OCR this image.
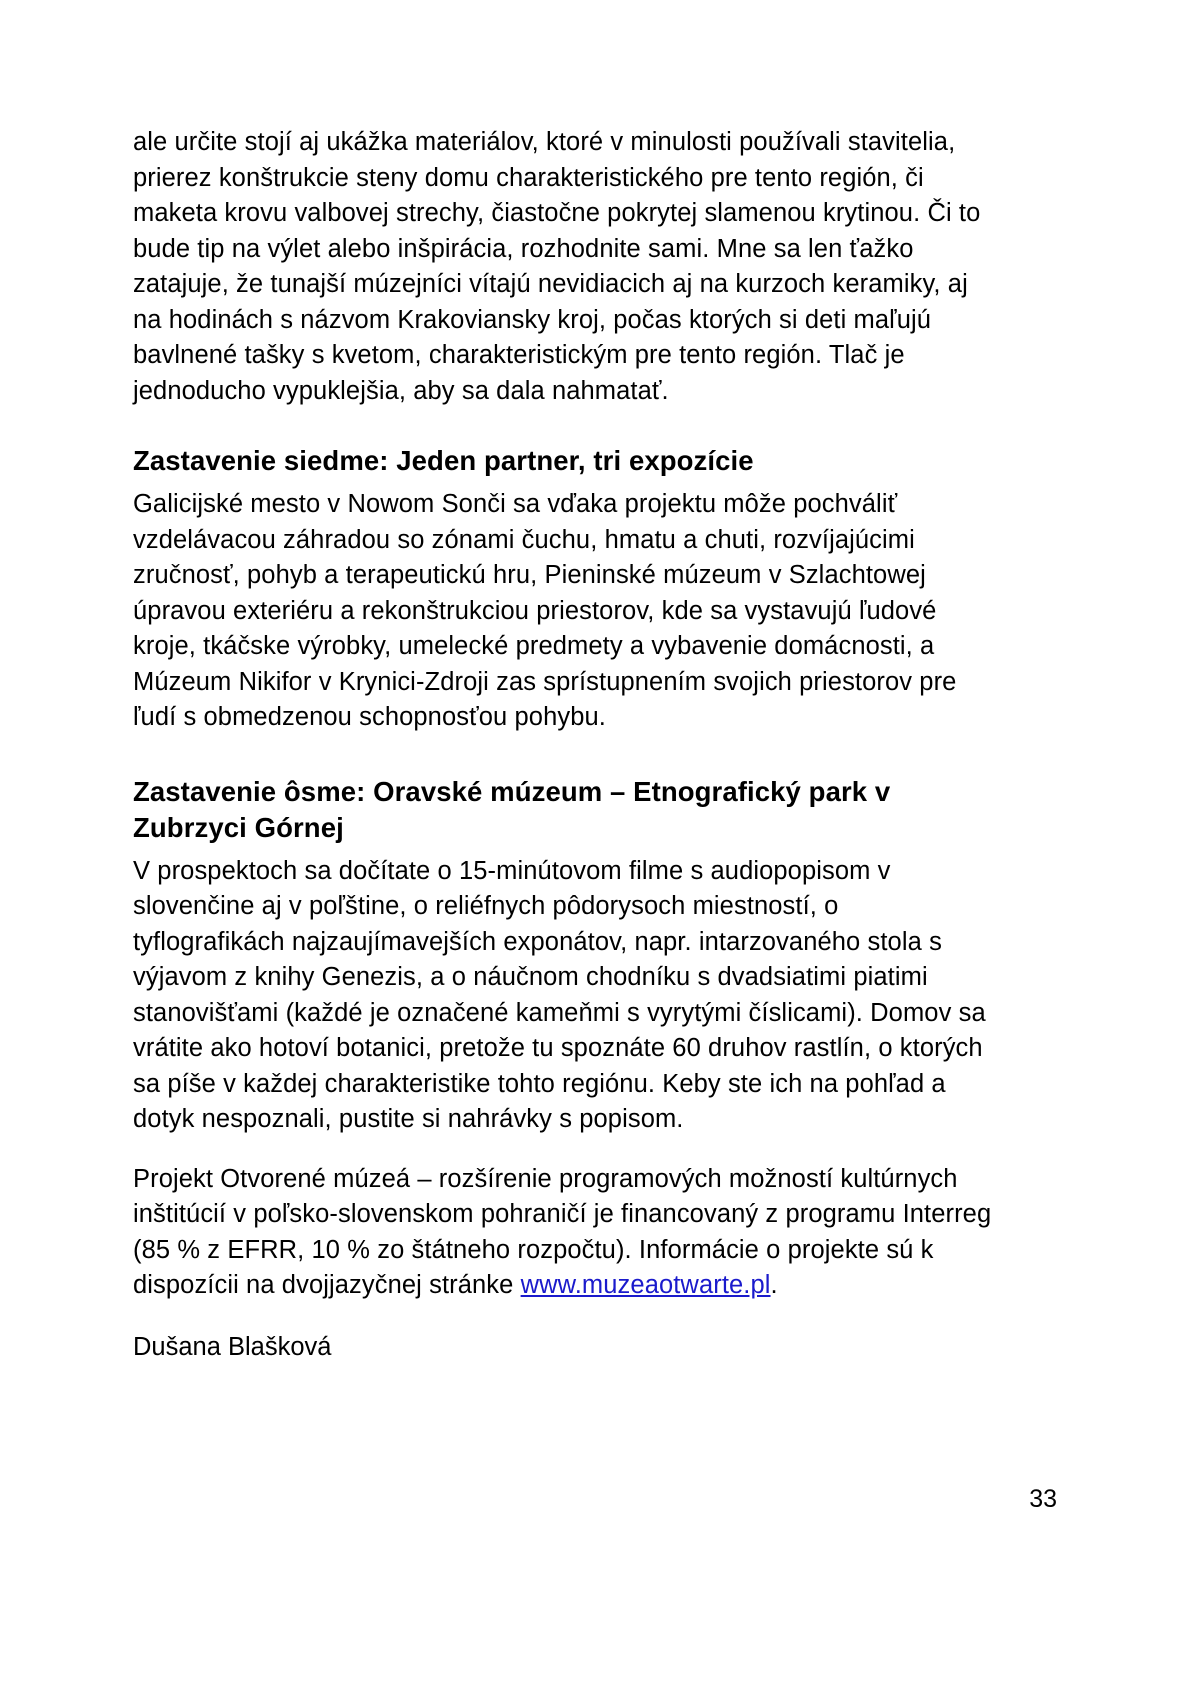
ale určite stojí aj ukážka materiálov, ktoré v minulosti používali stavitelia, prierez konštrukcie steny domu charakteristického pre tento región, či maketa krovu valbovej strechy, čiastočne pokrytej slamenou krytinou. Či to bude tip na výlet alebo inšpirácia, rozhodnite sami. Mne sa len ťažko zatajuje, že tunajší múzejníci vítajú nevidiacich aj na kurzoch keramiky, aj na hodinách s názvom Krakoviansky kroj, počas ktorých si deti maľujú bavlnené tašky s kvetom, charakteristickým pre tento región. Tlač je jednoducho vypuklejšia, aby sa dala nahmatať.

Zastavenie siedme: Jeden partner, tri expozície

Galicijské mesto v Nowom Sonči sa vďaka projektu môže pochváliť vzdelávacou záhradou so zónami čuchu, hmatu a chuti, rozvíjajúcimi zručnosť, pohyb a terapeutickú hru, Pieninské múzeum v Szlachtowej úpravou exteriéru a rekonštrukciou priestorov, kde sa vystavujú ľudové kroje, tkáčske výrobky, umelecké predmety a vybavenie domácnosti, a Múzeum Nikifor v Krynici-Zdroji zas sprístupnením svojich priestorov pre ľudí s obmedzenou schopnosťou pohybu.

Zastavenie ôsme: Oravské múzeum – Etnografický park v Zubrzyci Górnej

V prospektoch sa dočítate o 15-minútovom filme s audiopopisom v slovenčine aj v poľštine, o reliéfnych pôdorysoch miestností, o tyflografikách najzaujímavejších exponátov, napr. intarzovaného stola s výjavom z knihy Genezis, a o náučnom chodníku s dvadsiatimi piatimi stanovišťami (každé je označené kameňmi s vyrytými číslicami). Domov sa vrátite ako hotoví botanici, pretože tu spoznáte 60 druhov rastlín, o ktorých sa píše v každej charakteristike tohto regiónu. Keby ste ich na pohľad a dotyk nespoznali, pustite si nahrávky s popisom.

Projekt Otvorené múzeá – rozšírenie programových možností kultúrnych inštitúcií v poľsko-slovenskom pohraničí je financovaný z programu Interreg (85 % z EFRR, 10 % zo štátneho rozpočtu). Informácie o projekte sú k dispozícii na dvojjazyčnej stránke www.muzeaotwarte.pl.

Dušana Blašková

33
